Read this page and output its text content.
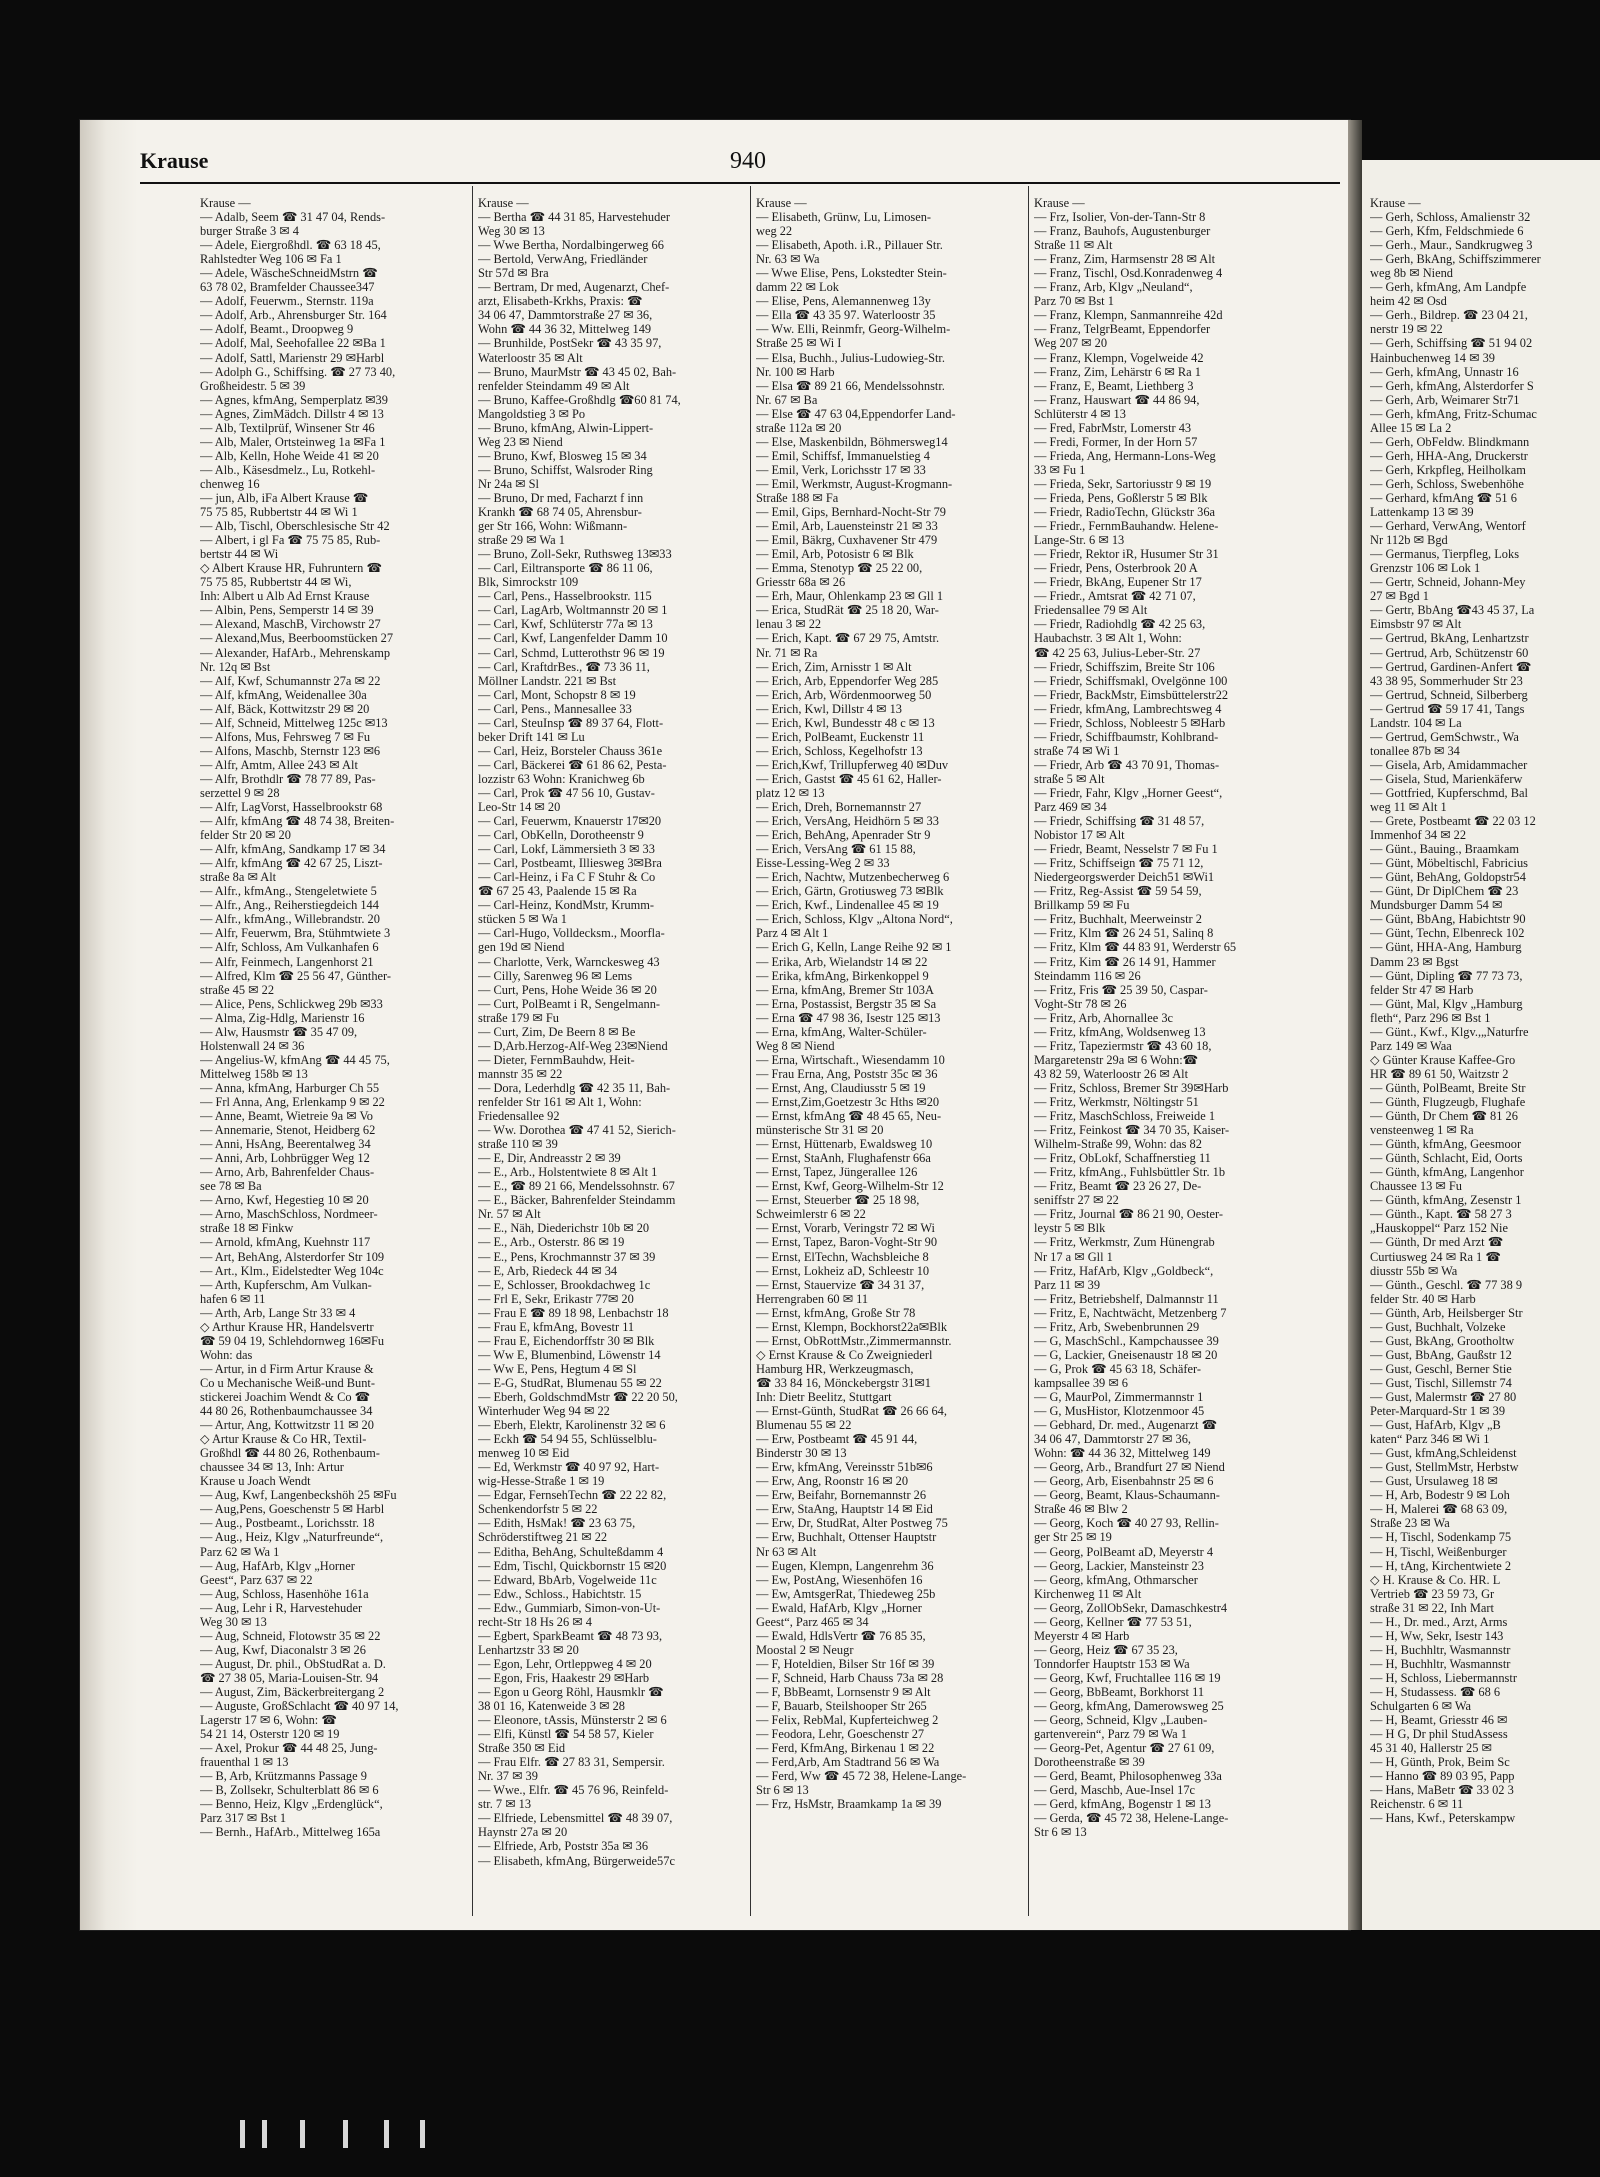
Krause	940
Krause —
— Adalb, Seem ☎ 31 47 04, Rends-
burger Straße 3 ✉ 4
— Adele, Eiergroßhdl. ☎ 63 18 45,
Rahlstedter Weg 106 ✉ Fa 1
— Adele, WäscheSchneidMstrn ☎
63 78 02, Bramfelder Chaussee347
— Adolf, Feuerwm., Sternstr. 119a
— Adolf, Arb., Ahrensburger Str. 164
— Adolf, Beamt., Droopweg 9
— Adolf, Mal, Seehofallee 22 ✉Ba 1
— Adolf, Sattl, Marienstr 29 ✉Harbl
— Adolph G., Schiffsing. ☎ 27 73 40,
Großheidestr. 5 ✉ 39
— Agnes, kfmAng, Semperplatz ✉39
— Agnes, ZimMädch. Dillstr 4 ✉ 13
— Alb, Textilprüf, Winsener Str 46
— Alb, Maler, Ortsteinweg 1a ✉Fa 1
— Alb, Kelln, Hohe Weide 41 ✉ 20
— Alb., Käsesdmelz., Lu, Rotkehl-
chenweg 16
— jun, Alb, iFa Albert Krause ☎
75 75 85, Rubbertstr 44 ✉ Wi 1
— Alb, Tischl, Oberschlesische Str 42
— Albert, i gl Fa ☎ 75 75 85, Rub-
bertstr 44 ✉ Wi
◇ Albert Krause HR, Fuhruntern ☎
75 75 85, Rubbertstr 44 ✉ Wi,
Inh: Albert u Alb Ad Ernst Krause
— Albin, Pens, Semperstr 14 ✉ 39
— Alexand, MaschB, Virchowstr 27
— Alexand,Mus, Beerboomstücken 27
— Alexander, HafArb., Mehrenskamp
Nr. 12q ✉ Bst
— Alf, Kwf, Schumannstr 27a ✉ 22
— Alf, kfmAng, Weidenallee 30a
— Alf, Bäck, Kottwitzstr 29 ✉ 20
— Alf, Schneid, Mittelweg 125c ✉13
— Alfons, Mus, Fehrsweg 7 ✉ Fu
— Alfons, Maschb, Sternstr 123 ✉6
— Alfr, Amtm, Allee 243 ✉ Alt
— Alfr, Brothdlr ☎ 78 77 89, Pas-
serzettel 9 ✉ 28
— Alfr, LagVorst, Hasselbrookstr 68
— Alfr, kfmAng ☎ 48 74 38, Breiten-
felder Str 20 ✉ 20
— Alfr, kfmAng, Sandkamp 17 ✉ 34
— Alfr, kfmAng ☎ 42 67 25, Liszt-
straße 8a ✉ Alt
— Alfr., kfmAng., Stengeletwiete 5
— Alfr., Ang., Reiherstiegdeich 144
— Alfr., kfmAng., Willebrandstr. 20
— Alfr, Feuerwm, Bra, Stühmtwiete 3
— Alfr, Schloss, Am Vulkanhafen 6
— Alfr, Feinmech, Langenhorst 21
— Alfred, Klm ☎ 25 56 47, Günther-
straße 45 ✉ 22
— Alice, Pens, Schlickweg 29b ✉33
— Alma, Zig-Hdlg, Marienstr 16
— Alw, Hausmstr ☎ 35 47 09,
Holstenwall 24 ✉ 36
— Angelius-W, kfmAng ☎ 44 45 75,
Mittelweg 158b ✉ 13
— Anna, kfmAng, Harburger Ch 55
— Frl Anna, Ang, Erlenkamp 9 ✉ 22
— Anne, Beamt, Wietreie 9a ✉ Vo
— Annemarie, Stenot, Heidberg 62
— Anni, HsAng, Beerentalweg 34
— Anni, Arb, Lohbrügger Weg 12
— Arno, Arb, Bahrenfelder Chaus-
see 78 ✉ Ba
— Arno, Kwf, Hegestieg 10 ✉ 20
— Arno, MaschSchloss, Nordmeer-
straße 18 ✉ Finkw
— Arnold, kfmAng, Kuehnstr 117
— Art, BehAng, Alsterdorfer Str 109
— Art., Klm., Eidelstedter Weg 104c
— Arth, Kupferschm, Am Vulkan-
hafen 6 ✉ 11
— Arth, Arb, Lange Str 33 ✉ 4
◇ Arthur Krause HR, Handelsvertr
☎ 59 04 19, Schlehdornweg 16✉Fu
Wohn: das
— Artur, in d Firm Artur Krause &
Co u Mechanische Weiß-und Bunt-
stickerei Joachim Wendt & Co ☎
44 80 26, Rothenbaumchaussee 34
— Artur, Ang, Kottwitzstr 11 ✉ 20
◇ Artur Krause & Co HR, Textil-
Großhdl ☎ 44 80 26, Rothenbaum-
chaussee 34 ✉ 13, Inh: Artur
Krause u Joach Wendt
— Aug, Kwf, Langenbeckshöh 25 ✉Fu
— Aug,Pens, Goeschenstr 5 ✉ Harbl
— Aug., Postbeamt., Lorichsstr. 18
— Aug., Heiz, Klgv „Naturfreunde“,
Parz 62 ✉ Wa 1
— Aug, HafArb, Klgv „Horner
Geest“, Parz 637 ✉ 22
— Aug, Schloss, Hasenhöhe 161a
— Aug, Lehr i R, Harvestehuder
Weg 30 ✉ 13
— Aug, Schneid, Flotowstr 35 ✉ 22
— Aug, Kwf, Diaconalstr 3 ✉ 26
— August, Dr. phil., ObStudRat a. D.
☎ 27 38 05, Maria-Louisen-Str. 94
— August, Zim, Bäckerbreitergang 2
— Auguste, GroßSchlacht ☎ 40 97 14,
Lagerstr 17 ✉ 6, Wohn: ☎
54 21 14, Osterstr 120 ✉ 19
— Axel, Prokur ☎ 44 48 25, Jung-
frauenthal 1 ✉ 13
— B, Arb, Krützmanns Passage 9
— B, Zollsekr, Schulterblatt 86 ✉ 6
— Benno, Heiz, Klgv „Erdenglück“,
Parz 317 ✉ Bst 1
— Bernh., HafArb., Mittelweg 165a
Krause —
— Bertha ☎ 44 31 85, Harvestehuder
Weg 30 ✉ 13
— Wwe Bertha, Nordalbingerweg 66
— Bertold, VerwAng, Friedländer
Str 57d ✉ Bra
— Bertram, Dr med, Augenarzt, Chef-
arzt, Elisabeth-Krkhs, Praxis: ☎
34 06 47, Dammtorstraße 27 ✉ 36,
Wohn ☎ 44 36 32, Mittelweg 149
— Brunhilde, PostSekr ☎ 43 35 97,
Waterloostr 35 ✉ Alt
— Bruno, MaurMstr ☎ 43 45 02, Bah-
renfelder Steindamm 49 ✉ Alt
— Bruno, Kaffee-Großhdlg ☎60 81 74,
Mangoldstieg 3 ✉ Po
— Bruno, kfmAng, Alwin-Lippert-
Weg 23 ✉ Niend
— Bruno, Kwf, Blosweg 15 ✉ 34
— Bruno, Schiffst, Walsroder Ring
Nr 24a ✉ Sl
— Bruno, Dr med, Facharzt f inn
Krankh ☎ 68 74 05, Ahrensbur-
ger Str 166, Wohn: Wißmann-
straße 29 ✉ Wa 1
— Bruno, Zoll-Sekr, Ruthsweg 13✉33
— Carl, Eiltransporte ☎ 86 11 06,
Blk, Simrockstr 109
— Carl, Pens., Hasselbrookstr. 115
— Carl, LagArb, Woltmannstr 20 ✉ 1
— Carl, Kwf, Schlüterstr 77a ✉ 13
— Carl, Kwf, Langenfelder Damm 10
— Carl, Schmd, Lutterothstr 96 ✉ 19
— Carl, KraftdrBes., ☎ 73 36 11,
Möllner Landstr. 221 ✉ Bst
— Carl, Mont, Schopstr 8 ✉ 19
— Carl, Pens., Mannesallee 33
— Carl, SteuInsp ☎ 89 37 64, Flott-
beker Drift 141 ✉ Lu
— Carl, Heiz, Borsteler Chauss 361e
— Carl, Bäckerei ☎ 61 86 62, Pesta-
lozzistr 63 Wohn: Kranichweg 6b
— Carl, Prok ☎ 47 56 10, Gustav-
Leo-Str 14 ✉ 20
— Carl, Feuerwm, Knauerstr 17✉20
— Carl, ObKelln, Dorotheenstr 9
— Carl, Lokf, Lämmersieth 3 ✉ 33
— Carl, Postbeamt, Illiesweg 3✉Bra
— Carl-Heinz, i Fa C F Stuhr & Co
☎ 67 25 43, Paalende 15 ✉ Ra
— Carl-Heinz, KondMstr, Krumm-
stücken 5 ✉ Wa 1
— Carl-Hugo, Volldecksm., Moorfla-
gen 19d ✉ Niend
— Charlotte, Verk, Warnckesweg 43
— Cilly, Sarenweg 96 ✉ Lems
— Curt, Pens, Hohe Weide 36 ✉ 20
— Curt, PolBeamt i R, Sengelmann-
straße 179 ✉ Fu
— Curt, Zim, De Beern 8 ✉ Be
— D,Arb.Herzog-Alf-Weg 23✉Niend
— Dieter, FernmBauhdw, Heit-
mannstr 35 ✉ 22
— Dora, Lederhdlg ☎ 42 35 11, Bah-
renfelder Str 161 ✉ Alt 1, Wohn:
Friedensallee 92
— Ww. Dorothea ☎ 47 41 52, Sierich-
straße 110 ✉ 39
— E, Dir, Andreasstr 2 ✉ 39
— E., Arb., Holstentwiete 8 ✉ Alt 1
— E., ☎ 89 21 66, Mendelssohnstr. 67
— E., Bäcker, Bahrenfelder Steindamm
Nr. 57 ✉ Alt
— E., Näh, Diederichstr 10b ✉ 20
— E., Arb., Osterstr. 86 ✉ 19
— E., Pens, Krochmannstr 37 ✉ 39
— E, Arb, Riedeck 44 ✉ 34
— E, Schlosser, Brookdachweg 1c
— Frl E, Sekr, Erikastr 77✉ 20
— Frau E ☎ 89 18 98, Lenbachstr 18
— Frau E, kfmAng, Bovestr 11
— Frau E, Eichendorffstr 30 ✉ Blk
— Ww E, Blumenbind, Löwenstr 14
— Ww E, Pens, Hegtum 4 ✉ Sl
— E-G, StudRat, Blumenau 55 ✉ 22
— Eberh, GoldschmdMstr ☎ 22 20 50,
Winterhuder Weg 94 ✉ 22
— Eberh, Elektr, Karolinenstr 32 ✉ 6
— Eckh ☎ 54 94 55, Schlüsselblu-
menweg 10 ✉ Eid
— Ed, Werkmstr ☎ 40 97 92, Hart-
wig-Hesse-Straße 1 ✉ 19
— Edgar, FernsehTechn ☎ 22 22 82,
Schenkendorfstr 5 ✉ 22
— Edith, HsMak! ☎ 23 63 75,
Schröderstiftweg 21 ✉ 22
— Editha, BehAng, Schulteßdamm 4
— Edm, Tischl, Quickbornstr 15 ✉20
— Edward, BbArb, Vogelweide 11c
— Edw., Schloss., Habichtstr. 15
— Edw., Gummiarb, Simon-von-Ut-
recht-Str 18 Hs 26 ✉ 4
— Egbert, SparkBeamt ☎ 48 73 93,
Lenhartzstr 33 ✉ 20
— Egon, Lehr, Ortleppweg 4 ✉ 20
— Egon, Fris, Haakestr 29 ✉Harb
— Egon u Georg Röhl, Hausmklr ☎
38 01 16, Katenweide 3 ✉ 28
— Eleonore, tAssis, Münsterstr 2 ✉ 6
— Elfi, Künstl ☎ 54 58 57, Kieler
Straße 350 ✉ Eid
— Frau Elfr. ☎ 27 83 31, Sempersir.
Nr. 37 ✉ 39
— Wwe., Elfr. ☎ 45 76 96, Reinfeld-
str. 7 ✉ 13
— Elfriede, Lebensmittel ☎ 48 39 07,
Haynstr 27a ✉ 20
— Elfriede, Arb, Poststr 35a ✉ 36
— Elisabeth, kfmAng, Bürgerweide57c
Krause —
— Elisabeth, Grünw, Lu, Limosen-
weg 22
— Elisabeth, Apoth. i.R., Pillauer Str.
Nr. 63 ✉ Wa
— Wwe Elise, Pens, Lokstedter Stein-
damm 22 ✉ Lok
— Elise, Pens, Alemannenweg 13y
— Ella ☎ 43 35 97. Waterloostr 35
— Ww. Elli, Reinmfr, Georg-Wilhelm-
Straße 25 ✉ Wi I
— Elsa, Buchh., Julius-Ludowieg-Str.
Nr. 100 ✉ Harb
— Elsa ☎ 89 21 66, Mendelssohnstr.
Nr. 67 ✉ Ba
— Else ☎ 47 63 04,Eppendorfer Land-
straße 112a ✉ 20
— Else, Maskenbildn, Böhmersweg14
— Emil, Schiffsf, Immanuelstieg 4
— Emil, Verk, Lorichsstr 17 ✉ 33
— Emil, Werkmstr, August-Krogmann-
Straße 188 ✉ Fa
— Emil, Gips, Bernhard-Nocht-Str 79
— Emil, Arb, Lauensteinstr 21 ✉ 33
— Emil, Bäkrg, Cuxhavener Str 479
— Emil, Arb, Potosistr 6 ✉ Blk
— Emma, Stenotyp ☎ 25 22 00,
Griesstr 68a ✉ 26
— Erh, Maur, Ohlenkamp 23 ✉ Gll 1
— Erica, StudRät ☎ 25 18 20, War-
lenau 3 ✉ 22
— Erich, Kapt. ☎ 67 29 75, Amtstr.
Nr. 71 ✉ Ra
— Erich, Zim, Arnisstr 1 ✉ Alt
— Erich, Arb, Eppendorfer Weg 285
— Erich, Arb, Wördenmoorweg 50
— Erich, Kwl, Dillstr 4 ✉ 13
— Erich, Kwl, Bundesstr 48 c ✉ 13
— Erich, PolBeamt, Euckenstr 11
— Erich, Schloss, Kegelhofstr 13
— Erich,Kwf, Trillupferweg 40 ✉Duv
— Erich, Gastst ☎ 45 61 62, Haller-
platz 12 ✉ 13
— Erich, Dreh, Bornemannstr 27
— Erich, VersAng, Heidhörn 5 ✉ 33
— Erich, BehAng, Apenrader Str 9
— Erich, VersAng ☎ 61 15 88,
Eisse-Lessing-Weg 2 ✉ 33
— Erich, Nachtw, Mutzenbecherweg 6
— Erich, Gärtn, Grotiusweg 73 ✉Blk
— Erich, Kwf., Lindenallee 45 ✉ 19
— Erich, Schloss, Klgv „Altona Nord“,
Parz 4 ✉ Alt 1
— Erich G, Kelln, Lange Reihe 92 ✉ 1
— Erika, Arb, Wielandstr 14 ✉ 22
— Erika, kfmAng, Birkenkoppel 9
— Erna, kfmAng, Bremer Str 103A
— Erna, Postassist, Bergstr 35 ✉ Sa
— Erna ☎ 47 98 36, Isestr 125 ✉13
— Erna, kfmAng, Walter-Schüler-
Weg 8 ✉ Niend
— Erna, Wirtschaft., Wiesendamm 10
— Frau Erna, Ang, Poststr 35c ✉ 36
— Ernst, Ang, Claudiusstr 5 ✉ 19
— Ernst,Zim,Goetzestr 3c Hths ✉20
— Ernst, kfmAng ☎ 48 45 65, Neu-
münsterische Str 31 ✉ 20
— Ernst, Hüttenarb, Ewaldsweg 10
— Ernst, StaAnh, Flughafenstr 66a
— Ernst, Tapez, Jüngerallee 126
— Ernst, Kwf, Georg-Wilhelm-Str 12
— Ernst, Steuerber ☎ 25 18 98,
Schweimlerstr 6 ✉ 22
— Ernst, Vorarb, Veringstr 72 ✉ Wi
— Ernst, Tapez, Baron-Voght-Str 90
— Ernst, ElTechn, Wachsbleiche 8
— Ernst, Lokheiz aD, Schleestr 10
— Ernst, Stauervize ☎ 34 31 37,
Herrengraben 60 ✉ 11
— Ernst, kfmAng, Große Str 78
— Ernst, Klempn, Bockhorst22a✉Blk
— Ernst, ObRottMstr.,Zimmermannstr.
◇ Ernst Krause & Co Zweigniederl
Hamburg HR, Werkzeugmasch,
☎ 33 84 16, Mönckebergstr 31✉1
Inh: Dietr Beelitz, Stuttgart
— Ernst-Günth, StudRat ☎ 26 66 64,
Blumenau 55 ✉ 22
— Erw, Postbeamt ☎ 45 91 44,
Binderstr 30 ✉ 13
— Erw, kfmAng, Vereinsstr 51b✉6
— Erw, Ang, Roonstr 16 ✉ 20
— Erw, Beifahr, Bornemannstr 26
— Erw, StaAng, Hauptstr 14 ✉ Eid
— Erw, Dr, StudRat, Alter Postweg 75
— Erw, Buchhalt, Ottenser Hauptstr
Nr 63 ✉ Alt
— Eugen, Klempn, Langenrehm 36
— Ew, PostAng, Wiesenhöfen 16
— Ew, AmtsgerRat, Thiedeweg 25b
— Ewald, HafArb, Klgv „Horner
Geest“, Parz 465 ✉ 34
— Ewald, HdlsVertr ☎ 76 85 35,
Moostal 2 ✉ Neugr
— F, Hoteldien, Bilser Str 16f ✉ 39
— F, Schneid, Harb Chauss 73a ✉ 28
— F, BbBeamt, Lornsenstr 9 ✉ Alt
— F, Bauarb, Steilshooper Str 265
— Felix, RebMal, Kupferteichweg 2
— Feodora, Lehr, Goeschenstr 27
— Ferd, KfmAng, Birkenau 1 ✉ 22
— Ferd,Arb, Am Stadtrand 56 ✉ Wa
— Ferd, Ww ☎ 45 72 38, Helene-Lange-
Str 6 ✉ 13
— Frz, HsMstr, Braamkamp 1a ✉ 39
Krause —
— Frz, Isolier, Von-der-Tann-Str 8
— Franz, Bauhofs, Augustenburger
Straße 11 ✉ Alt
— Franz, Zim, Harmsenstr 28 ✉ Alt
— Franz, Tischl, Osd.Konradenweg 4
— Franz, Arb, Klgv „Neuland“,
Parz 70 ✉ Bst 1
— Franz, Klempn, Sanmannreihe 42d
— Franz, TelgrBeamt, Eppendorfer
Weg 207 ✉ 20
— Franz, Klempn, Vogelweide 42
— Franz, Zim, Lehärstr 6 ✉ Ra 1
— Franz, E, Beamt, Liethberg 3
— Franz, Hauswart ☎ 44 86 94,
Schlüterstr 4 ✉ 13
— Fred, FabrMstr, Lomerstr 43
— Fredi, Former, In der Horn 57
— Frieda, Ang, Hermann-Lons-Weg
33 ✉ Fu 1
— Frieda, Sekr, Sartoriusstr 9 ✉ 19
— Frieda, Pens, Goßlerstr 5 ✉ Blk
— Friedr, RadioTechn, Glückstr 36a
— Friedr., FernmBauhandw. Helene-
Lange-Str. 6 ✉ 13
— Friedr, Rektor iR, Husumer Str 31
— Friedr, Pens, Osterbrook 20 A
— Friedr, BkAng, Eupener Str 17
— Friedr., Amtsrat ☎ 42 71 07,
Friedensallee 79 ✉ Alt
— Friedr, Radiohdlg ☎ 42 25 63,
Haubachstr. 3 ✉ Alt 1, Wohn:
☎ 42 25 63, Julius-Leber-Str. 27
— Friedr, Schiffszim, Breite Str 106
— Friedr, Schiffsmakl, Ovelgönne 100
— Friedr, BackMstr, Eimsbüttelerstr22
— Friedr, kfmAng, Lambrechtsweg 4
— Friedr, Schloss, Nobleestr 5 ✉Harb
— Friedr, Schiffbaumstr, Kohlbrand-
straße 74 ✉ Wi 1
— Friedr, Arb ☎ 43 70 91, Thomas-
straße 5 ✉ Alt
— Friedr, Fahr, Klgv „Horner Geest“,
Parz 469 ✉ 34
— Friedr, Schiffsing ☎ 31 48 57,
Nobistor 17 ✉ Alt
— Friedr, Beamt, Nesselstr 7 ✉ Fu 1
— Fritz, Schiffseign ☎ 75 71 12,
Niedergeorgswerder Deich51 ✉Wi1
— Fritz, Reg-Assist ☎ 59 54 59,
Brillkamp 59 ✉ Fu
— Fritz, Buchhalt, Meerweinstr 2
— Fritz, Klm ☎ 26 24 51, Salinq 8
— Fritz, Klm ☎ 44 83 91, Werderstr 65
— Fritz, Kim ☎ 26 14 91, Hammer
Steindamm 116 ✉ 26
— Fritz, Fris ☎ 25 39 50, Caspar-
Voght-Str 78 ✉ 26
— Fritz, Arb, Ahornallee 3c
— Fritz, kfmAng, Woldsenweg 13
— Fritz, Tapeziermstr ☎ 43 60 18,
Margaretenstr 29a ✉ 6 Wohn:☎
43 82 59, Waterloostr 26 ✉ Alt
— Fritz, Schloss, Bremer Str 39✉Harb
— Fritz, Werkmstr, Nöltingstr 51
— Fritz, MaschSchloss, Freiweide 1
— Fritz, Feinkost ☎ 34 70 35, Kaiser-
Wilhelm-Straße 99, Wohn: das 82
— Fritz, ObLokf, Schaffnerstieg 11
— Fritz, kfmAng., Fuhlsbüttler Str. 1b
— Fritz, Beamt ☎ 23 26 27, De-
seniffstr 27 ✉ 22
— Fritz, Journal ☎ 86 21 90, Oester-
leystr 5 ✉ Blk
— Fritz, Werkmstr, Zum Hünengrab
Nr 17 a ✉ Gll 1
— Fritz, HafArb, Klgv „Goldbeck“,
Parz 11 ✉ 39
— Fritz, Betriebshelf, Dalmannstr 11
— Fritz, E, Nachtwächt, Metzenberg 7
— Fritz, Arb, Swebenbrunnen 29
— G, MaschSchl., Kampchaussee 39
— G, Lackier, Gneisenaustr 18 ✉ 20
— G, Prok ☎ 45 63 18, Schäfer-
kampsallee 39 ✉ 6
— G, MaurPol, Zimmermannstr 1
— G, MusHistor, Klotzenmoor 45
— Gebhard, Dr. med., Augenarzt ☎
34 06 47, Dammtorstr 27 ✉ 36,
Wohn: ☎ 44 36 32, Mittelweg 149
— Georg, Arb., Brandfurt 27 ✉ Niend
— Georg, Arb, Eisenbahnstr 25 ✉ 6
— Georg, Beamt, Klaus-Schaumann-
Straße 46 ✉ Blw 2
— Georg, Koch ☎ 40 27 93, Rellin-
ger Str 25 ✉ 19
— Georg, PolBeamt aD, Meyerstr 4
— Georg, Lackier, Mansteinstr 23
— Georg, kfmAng, Othmarscher
Kirchenweg 11 ✉ Alt
— Georg, ZollObSekr, Damaschkestr4
— Georg, Kellner ☎ 77 53 51,
Meyerstr 4 ✉ Harb
— Georg, Heiz ☎ 67 35 23,
Tonndorfer Hauptstr 153 ✉ Wa
— Georg, Kwf, Fruchtallee 116 ✉ 19
— Georg, BbBeamt, Borkhorst 11
— Georg, kfmAng, Damerowsweg 25
— Georg, Schneid, Klgv „Lauben-
gartenverein“, Parz 79 ✉ Wa 1
— Georg-Pet, Agentur ☎ 27 61 09,
Dorotheenstraße ✉ 39
— Gerd, Beamt, Philosophenweg 33a
— Gerd, Maschb, Aue-Insel 17c
— Gerd, kfmAng, Bogenstr 1 ✉ 13
— Gerda, ☎ 45 72 38, Helene-Lange-
Str 6 ✉ 13
Krause —
— Gerh, Schloss, Amalienstr 32
— Gerh, Kfm, Feldschmiede 6
— Gerh., Maur., Sandkrugweg 3
— Gerh, BkAng, Schiffszimmerer
weg 8b ✉ Niend
— Gerh, kfmAng, Am Landpfe
heim 42 ✉ Osd
— Gerh., Bildrep. ☎ 23 04 21,
nerstr 19 ✉ 22
— Gerh, Schiffsing ☎ 51 94 02
Hainbuchenweg 14 ✉ 39
— Gerh, kfmAng, Unnastr 16
— Gerh, kfmAng, Alsterdorfer S
— Gerh, Arb, Weimarer Str71
— Gerh, kfmAng, Fritz-Schumac
Allee 15 ✉ La 2
— Gerh, ObFeldw. Blindkmann
— Gerh, HHA-Ang, Druckerstr
— Gerh, Krkpfleg, Heilholkam
— Gerh, Schloss, Swebenhöhe
— Gerhard, kfmAng ☎ 51 6
Lattenkamp 13 ✉ 39
— Gerhard, VerwAng, Wentorf
Nr 112b ✉ Bgd
— Germanus, Tierpfleg, Loks
Grenzstr 106 ✉ Lok 1
— Gertr, Schneid, Johann-Mey
27 ✉ Bgd 1
— Gertr, BbAng ☎43 45 37, La
Eimsbstr 97 ✉ Alt
— Gertrud, BkAng, Lenhartzstr
— Gertrud, Arb, Schützenstr 60
— Gertrud, Gardinen-Anfert ☎
43 38 95, Sommerhuder Str 23
— Gertrud, Schneid, Silberberg
— Gertrud ☎ 59 17 41, Tangs
Landstr. 104 ✉ La
— Gertrud, GemSchwstr., Wa
tonallee 87b ✉ 34
— Gisela, Arb, Amidammacher
— Gisela, Stud, Marienkäferw
— Gottfried, Kupferschmd, Bal
weg 11 ✉ Alt 1
— Grete, Postbeamt ☎ 22 03 12
Immenhof 34 ✉ 22
— Günt., Bauing., Braamkam
— Günt, Möbeltischl, Fabricius
— Günt, BehAng, Goldopstr54
— Günt, Dr DiplChem ☎ 23
Mundsburger Damm 54 ✉
— Günt, BbAng, Habichtstr 90
— Günt, Techn, Elbenreck 102
— Günt, HHA-Ang, Hamburg
Damm 23 ✉ Bgst
— Günt, Dipling ☎ 77 73 73,
felder Str 47 ✉ Harb
— Günt, Mal, Klgv „Hamburg
fleth“, Parz 296 ✉ Bst 1
— Günt., Kwf., Klgv.,„Naturfre
Parz 149 ✉ Waa
◇ Günter Krause Kaffee-Gro
HR ☎ 89 61 50, Waitzstr 2
— Günth, PolBeamt, Breite Str
— Günth, Flugzeugb, Flughafe
— Günth, Dr Chem ☎ 81 26
vensteenweg 1 ✉ Ra
— Günth, kfmAng, Geesmoor
— Günth, Schlacht, Eid, Oorts
— Günth, kfmAng, Langenhor
Chaussee 13 ✉ Fu
— Günth, kfmAng, Zesenstr 1
— Günth., Kapt. ☎ 58 27 3
„Hauskoppel“ Parz 152 Nie
— Günth, Dr med Arzt ☎
Curtiusweg 24 ✉ Ra 1 ☎
diusstr 55b ✉ Wa
— Günth., Geschl. ☎ 77 38 9
felder Str. 40 ✉ Harb
— Günth, Arb, Heilsberger Str
— Gust, Buchhalt, Volzeke
— Gust, BkAng, Grootholtw
— Gust, BbAng, Gaußstr 12
— Gust, Geschl, Berner Stie
— Gust, Tischl, Sillemstr 74
— Gust, Malermstr ☎ 27 80
Peter-Marquard-Str 1 ✉ 39
— Gust, HafArb, Klgv „B
katen“ Parz 346 ✉ Wi 1
— Gust, kfmAng,Schleidenst
— Gust, StellmMstr, Herbstw
— Gust, Ursulaweg 18 ✉
— H, Arb, Bodestr 9 ✉ Loh
— H, Malerei ☎ 68 63 09,
Straße 23 ✉ Wa
— H, Tischl, Sodenkamp 75
— H, Tischl, Weißenburger
— H, tAng, Kirchentwiete 2
◇ H. Krause & Co. HR. L
Vertrieb ☎ 23 59 73, Gr
straße 31 ✉ 22, Inh Mart
— H., Dr. med., Arzt, Arms
— H, Ww, Sekr, Isestr 143
— H, Buchhltr, Wasmannstr
— H, Buchhltr, Wasmannstr
— H, Schloss, Liebermannstr
— H, Studassess. ☎ 68 6
Schulgarten 6 ✉ Wa
— H, Beamt, Griesstr 46 ✉
— H G, Dr phil StudAssess
45 31 40, Hallerstr 25 ✉
— H, Günth, Prok, Beim Sc
— Hanno ☎ 89 03 95, Papp
— Hans, MaBetr ☎ 33 02 3
Reichenstr. 6 ✉ 11
— Hans, Kwf., Peterskampw
